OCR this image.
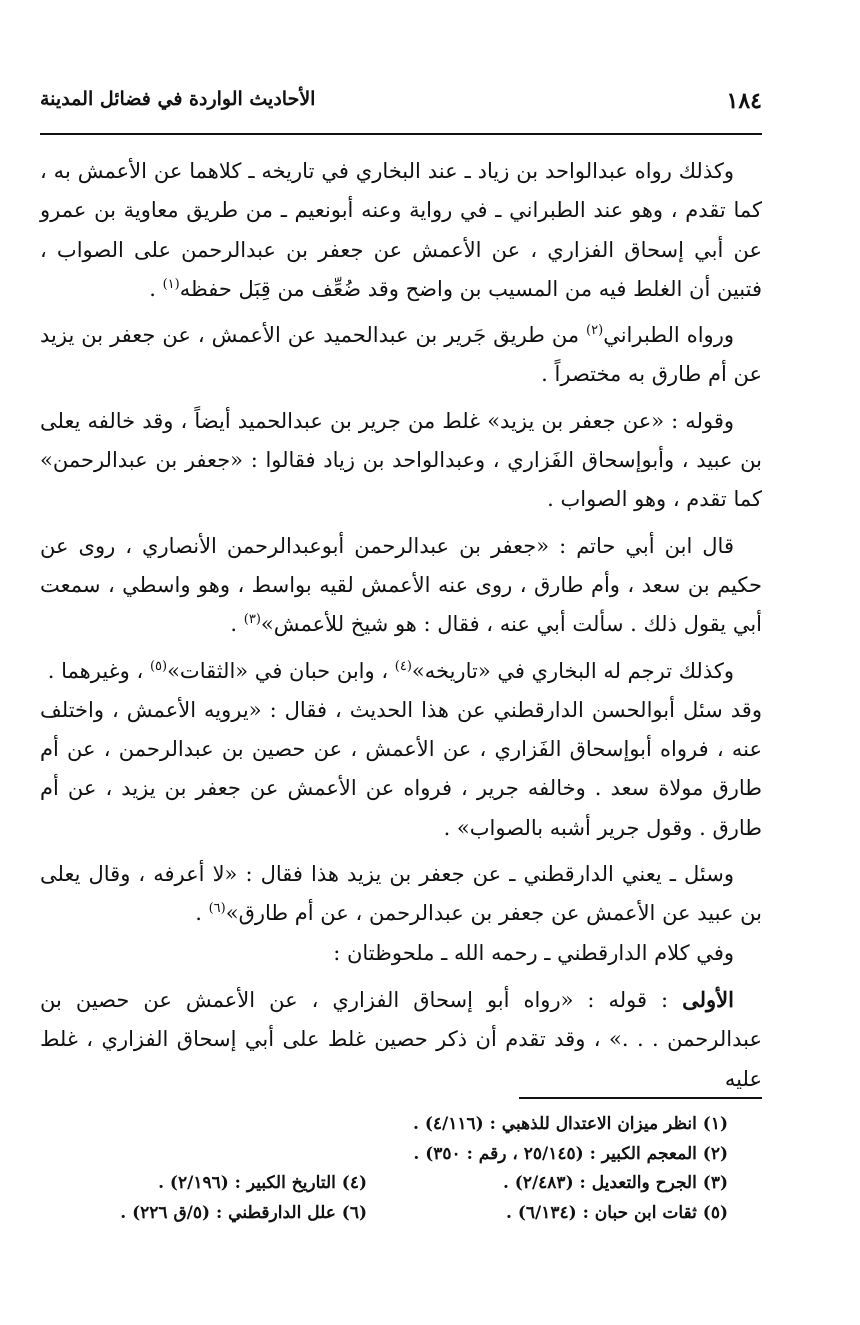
١٨٤
الأحاديث الواردة في فضائل المدينة

وكذلك رواه عبدالواحد بن زياد ـ عند البخاري في تاريخه ـ كلاهما عن الأعمش به ، كما تقدم ، وهو عند الطبراني ـ في رواية وعنه أبونعيم ـ من طريق معاوية بن عمرو عن أبي إسحاق الفزاري ، عن الأعمش عن جعفر بن عبدالرحمن على الصواب ، فتبين أن الغلط فيه من المسيب بن واضح وقد ضُعِّف من قِبَل حفظه$^{(١)}$ .

ورواه الطبراني$^{(٢)}$ من طريق جَرير بن عبدالحميد عن الأعمش ، عن جعفر بن يزيد عن أم طارق به مختصراً .

وقوله : «عن جعفر بن يزيد» غلط من جرير بن عبدالحميد أيضاً ، وقد خالفه يعلى بن عبيد ، وأبوإسحاق الفَزاري ، وعبدالواحد بن زياد فقالوا : «جعفر بن عبدالرحمن» كما تقدم ، وهو الصواب .

قال ابن أبي حاتم : «جعفر بن عبدالرحمن أبوعبدالرحمن الأنصاري ، روى عن حكيم بن سعد ، وأم طارق ، روى عنه الأعمش لقيه بواسط ، وهو واسطي ، سمعت أبي يقول ذلك . سألت أبي عنه ، فقال : هو شيخ للأعمش»$^{(٣)}$ .

وكذلك ترجم له البخاري في «تاريخه»$^{(٤)}$ ، وابن حبان في «الثقات»$^{(٥)}$ ، وغيرهما .

وقد سئل أبوالحسن الدارقطني عن هذا الحديث ، فقال : «يرويه الأعمش ، واختلف عنه ، فرواه أبوإسحاق الفَزاري ، عن الأعمش ، عن حصين بن عبدالرحمن ، عن أم طارق مولاة سعد . وخالفه جرير ، فرواه عن الأعمش عن جعفر بن يزيد ، عن أم طارق . وقول جرير أشبه بالصواب» .

وسئل ـ يعني الدارقطني ـ عن جعفر بن يزيد هذا فقال : «لا أعرفه ، وقال يعلى بن عبيد عن الأعمش عن جعفر بن عبدالرحمن ، عن أم طارق»$^{(٦)}$ .

وفي كلام الدارقطني ـ رحمه الله ـ ملحوظتان :

الأولى : قوله : «رواه أبو إسحاق الفزاري ، عن الأعمش عن حصين بن عبدالرحمن . . .» ، وقد تقدم أن ذكر حصين غلط على أبي إسحاق الفزاري ، غلط عليه

(١) انظر ميزان الاعتدال للذهبي : (٤/١١٦) .
(٢) المعجم الكبير : (٢٥/١٤٥ ، رقم : ٣٥٠) .
(٣) الجرح والتعديل : (٢/٤٨٣) .
(٤) التاريخ الكبير : (٢/١٩٦) .
(٥) ثقات ابن حبان : (٦/١٣٤) .
(٦) علل الدارقطني : (٥/ق ٢٢٦) .
